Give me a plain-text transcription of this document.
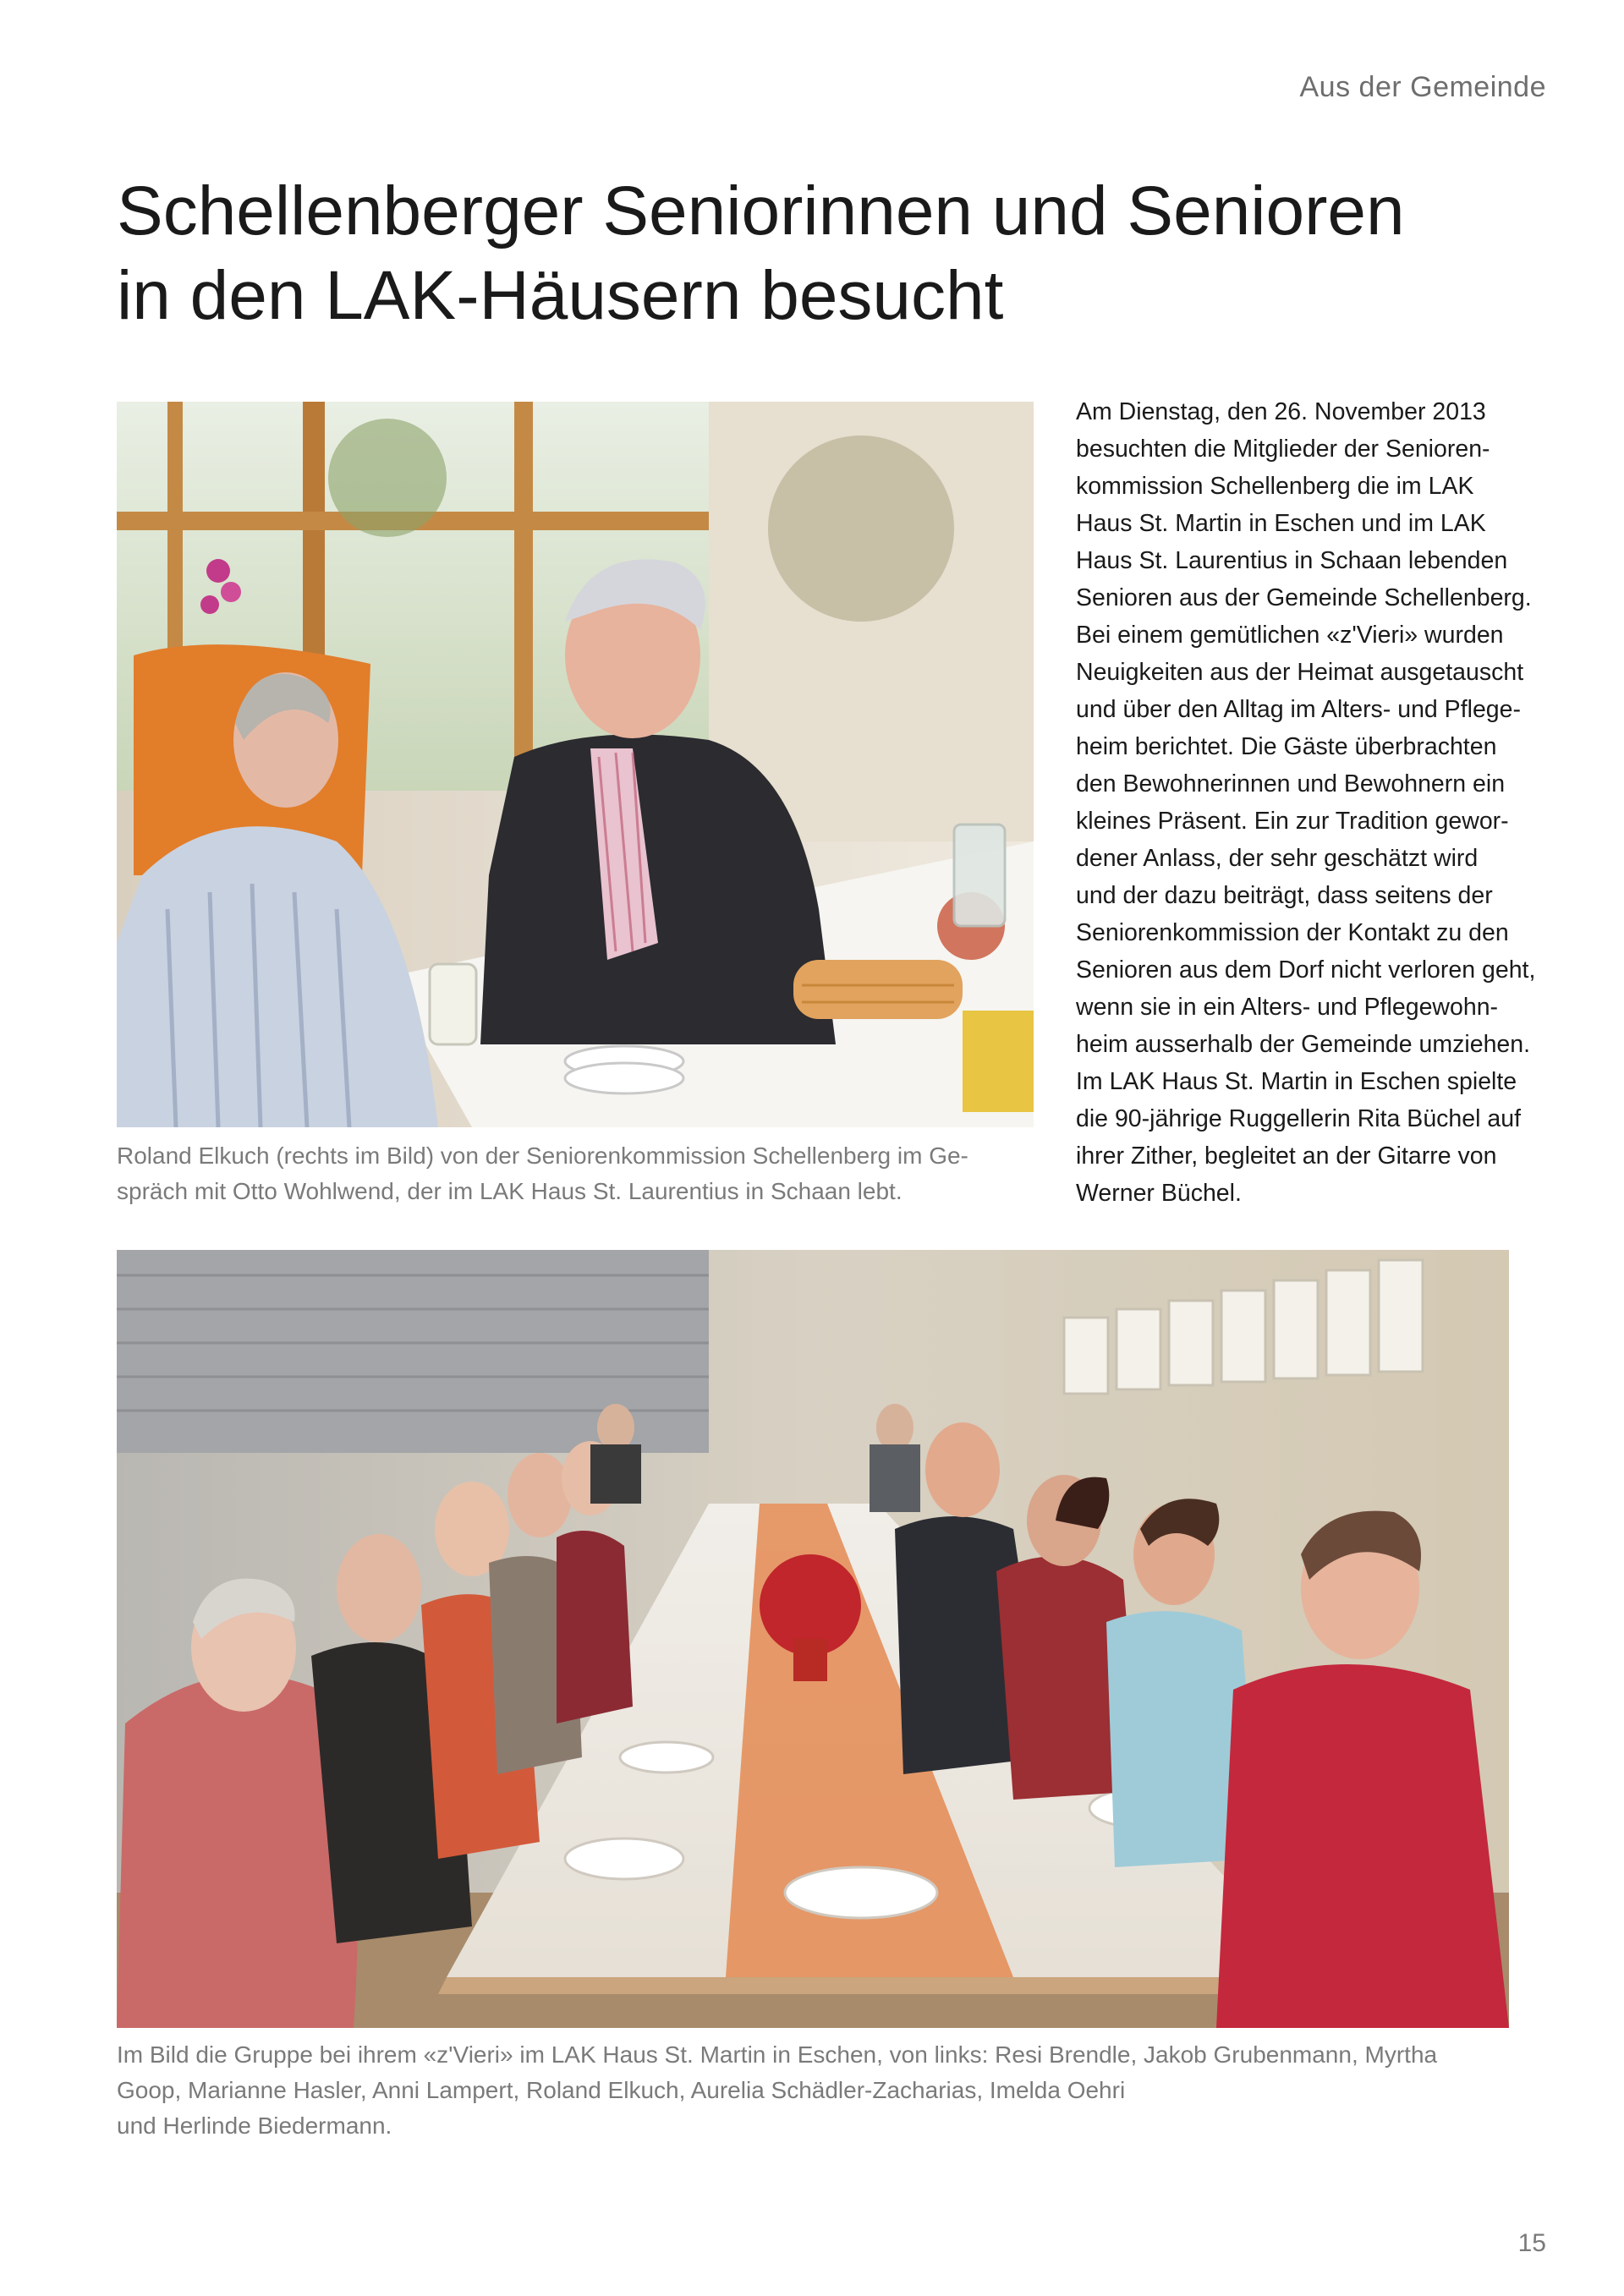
Aus der Gemeinde
Schellenberger Seniorinnen und Senioren
in den LAK-Häusern besucht
Roland Elkuch (rechts im Bild) von der Seniorenkommission Schellenberg im Ge-
spräch mit Otto Wohlwend, der im LAK Haus St. Laurentius in Schaan lebt.
Am Dienstag, den 26. November 2013
besuchten die Mitglieder der Senioren-
kommission Schellenberg die im LAK
Haus St. Martin in Eschen und im LAK
Haus St. Laurentius in Schaan lebenden
Senioren aus der Gemeinde Schellenberg.
Bei einem gemütlichen «z'Vieri» wurden
Neuigkeiten aus der Heimat ausgetauscht
und über den Alltag im Alters- und Pflege-
heim berichtet. Die Gäste überbrachten
den Bewohnerinnen und Bewohnern ein
kleines Präsent. Ein zur Tradition gewor-
dener Anlass, der sehr geschätzt wird
und der dazu beiträgt, dass seitens der
Seniorenkommission der Kontakt zu den
Senioren aus dem Dorf nicht verloren geht,
wenn sie in ein Alters- und Pflegewohn-
heim ausserhalb der Gemeinde umziehen.
Im LAK Haus St. Martin in Eschen spielte
die 90-jährige Ruggellerin Rita Büchel auf
ihrer Zither, begleitet an der Gitarre von
Werner Büchel.
Im Bild die Gruppe bei ihrem «z'Vieri» im LAK Haus St. Martin in Eschen, von links: Resi Brendle, Jakob Grubenmann, Myrtha
Goop, Marianne Hasler, Anni Lampert, Roland Elkuch, Aurelia Schädler-Zacharias, Imelda Oehri
und Herlinde Biedermann.
15
